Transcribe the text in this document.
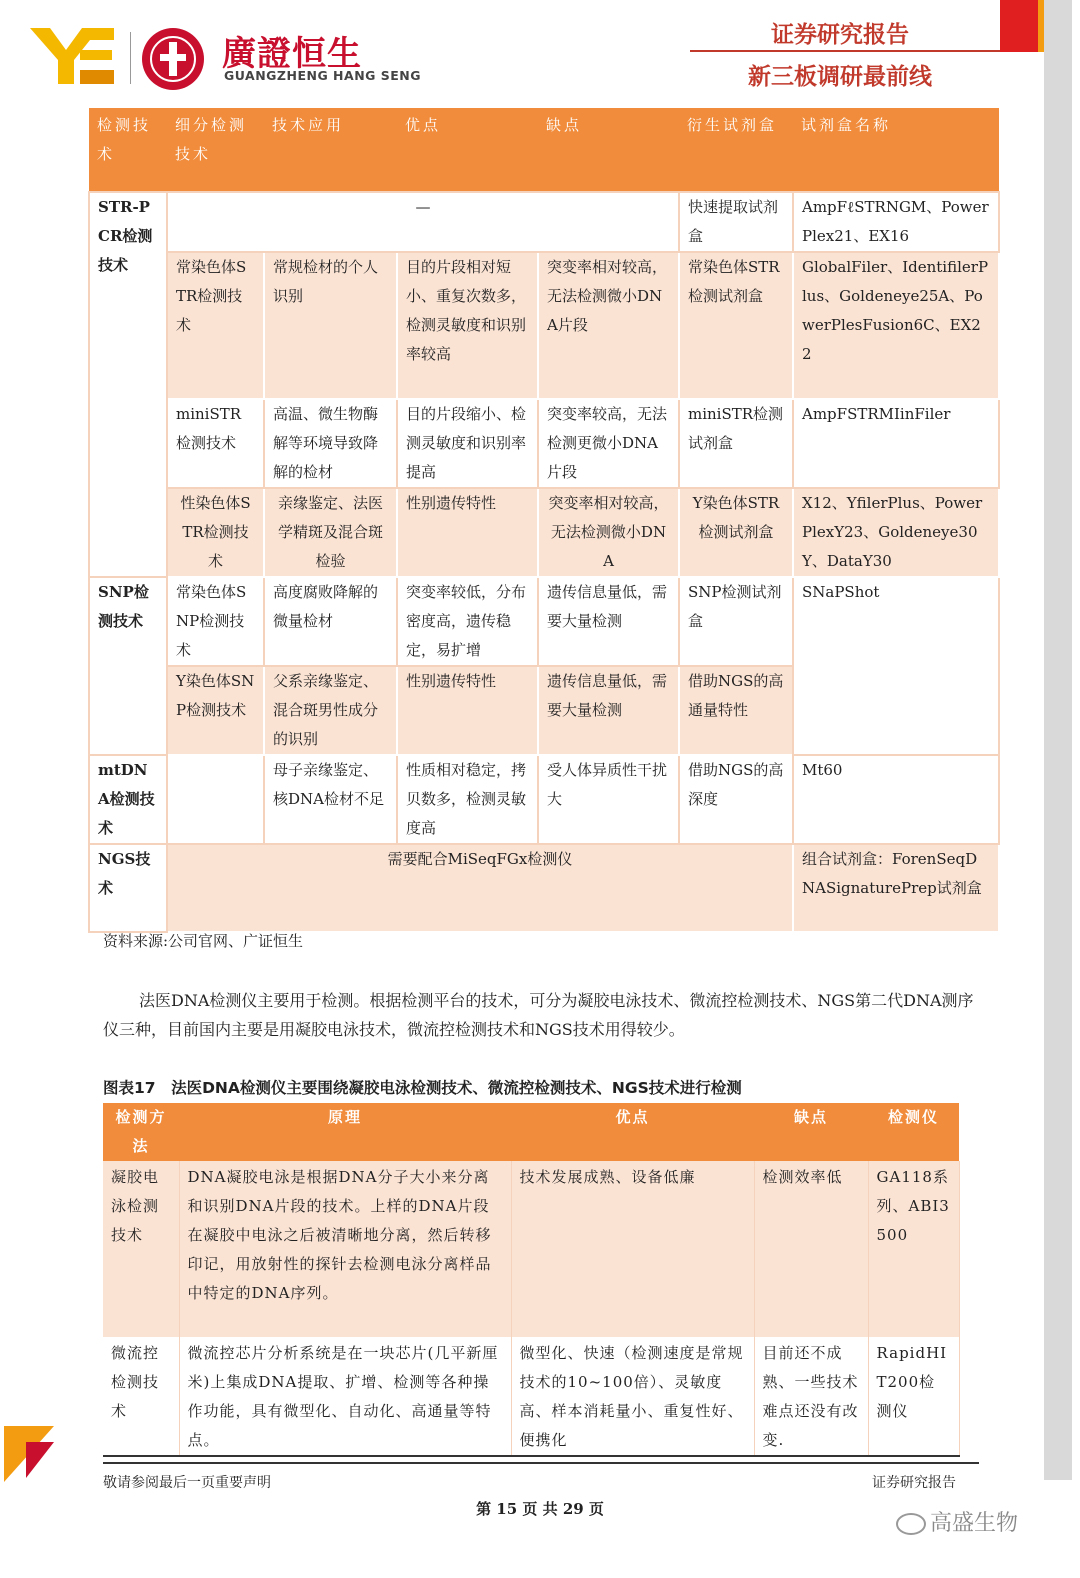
廣證恒生
GUANGZHENG HANG SENG
证券研究报告
新三板调研最前线
检测技术	细分检测技术	技术应用	优点	缺点	衍生试剂盒	试剂盒名称
STR-PCR检测技术	—				快速提取试剂盒	AmpFℓSTRNGM、PowerPlex21、EX16
	常染色体STR检测技术	常规检材的个人识别	目的片段相对短小、重复次数多，检测灵敏度和识别率较高	突变率相对较高，无法检测微小DNA片段	常染色体STR检测试剂盒	GlobalFiler、IdentifilerPlus、Goldeneye25A、PowerPlesFusion6C、EX22
	miniSTR检测技术	高温、微生物酶解等环境导致降解的检材	目的片段缩小、检测灵敏度和识别率提高	突变率较高，无法检测更微小DNA片段	miniSTR检测试剂盒	AmpFSTRMIinFiler
	性染色体STR检测技术	亲缘鉴定、法医学精斑及混合斑检验	性别遗传特性	突变率相对较高，无法检测微小DNA	Y染色体STR检测试剂盒	X12、YfilerPlus、PowerPlexY23、Goldeneye30Y、DataY30
SNP检测技术	常染色体SNP检测技术	高度腐败降解的微量检材	突变率较低，分布密度高，遗传稳定，易扩增	遗传信息量低，需要大量检测	SNP检测试剂盒	SNaPShot
	Y染色体SNP检测技术	父系亲缘鉴定、混合斑男性成分的识别	性别遗传特性	遗传信息量低，需要大量检测	借助NGS的高通量特性	
mtDNA检测技术		母子亲缘鉴定、核DNA检材不足	性质相对稳定，拷贝数多，检测灵敏度高	受人体异质性干扰大	借助NGS的高深度	Mt60
NGS技术	需要配合MiSeqFGx检测仪					组合试剂盒：ForenSeqDNASignaturePrep试剂盒
资料来源:公司官网、广证恒生
法医DNA检测仪主要用于检测。根据检测平台的技术，可分为凝胶电泳技术、微流控检测技术、NGS第二代DNA测序仪三种，目前国内主要是用凝胶电泳技术，微流控检测技术和NGS技术用得较少。
图表17　法医DNA检测仪主要围绕凝胶电泳检测技术、微流控检测技术、NGS技术进行检测
检测方法	原理	优点	缺点	检测仪
凝胶电泳检测技术	DNA凝胶电泳是根据DNA分子大小来分离和识别DNA片段的技术。上样的DNA片段在凝胶中电泳之后被清晰地分离，然后转移印记，用放射性的探针去检测电泳分离样品中特定的DNA序列。	技术发展成熟、设备低廉	检测效率低	GA118系列、ABI3500
微流控检测技术	微流控芯片分析系统是在一块芯片(几平新厘米)上集成DNA提取、扩增、检测等各种操作功能，具有微型化、自动化、高通量等特点。	微型化、快速（检测速度是常规技术的10~100倍）、灵敏度高、样本消耗量小、重复性好、便携化	目前还不成熟、一些技术难点还没有改变.	RapidHIT200检测仪
敬请参阅最后一页重要声明	证券研究报告
第 15 页 共 29 页
高盛生物
